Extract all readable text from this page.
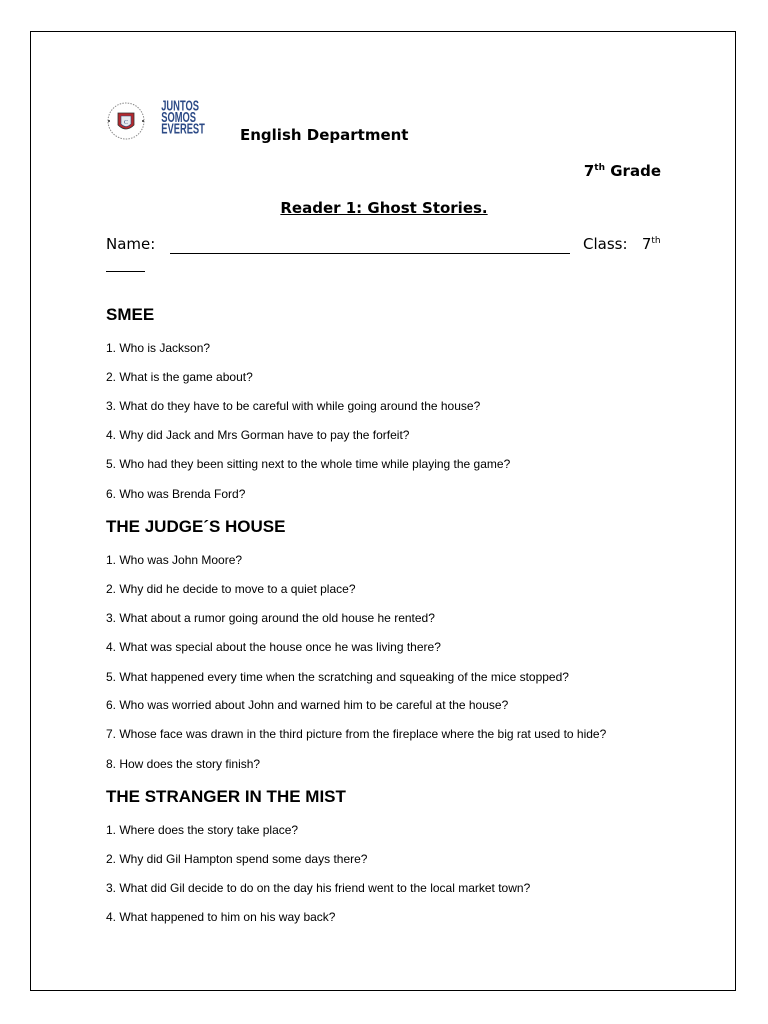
C
JUNTOS
SOMOS
EVEREST English Department
7th Grade
Reader 1: Ghost Stories.
Name:	Class: 7th
SMEE
1. Who is Jackson?
2. What is the game about?
3. What do they have to be careful with while going around the house?
4. Why did Jack and Mrs Gorman have to pay the forfeit?
5. Who had they been sitting next to the whole time while playing the game?
6. Who was Brenda Ford?
THE JUDGE´S HOUSE
1. Who was John Moore?
2. Why did he decide to move to a quiet place?
3. What about a rumor going around the old house he rented?
4. What was special about the house once he was living there?
5. What happened every time when the scratching and squeaking of the mice stopped?
6. Who was worried about John and warned him to be careful at the house?
7. Whose face was drawn in the third picture from the fireplace where the big rat used to hide?
8. How does the story finish?
THE STRANGER IN THE MIST
1. Where does the story take place?
2. Why did Gil Hampton spend some days there?
3. What did Gil decide to do on the day his friend went to the local market town?
4. What happened to him on his way back?
